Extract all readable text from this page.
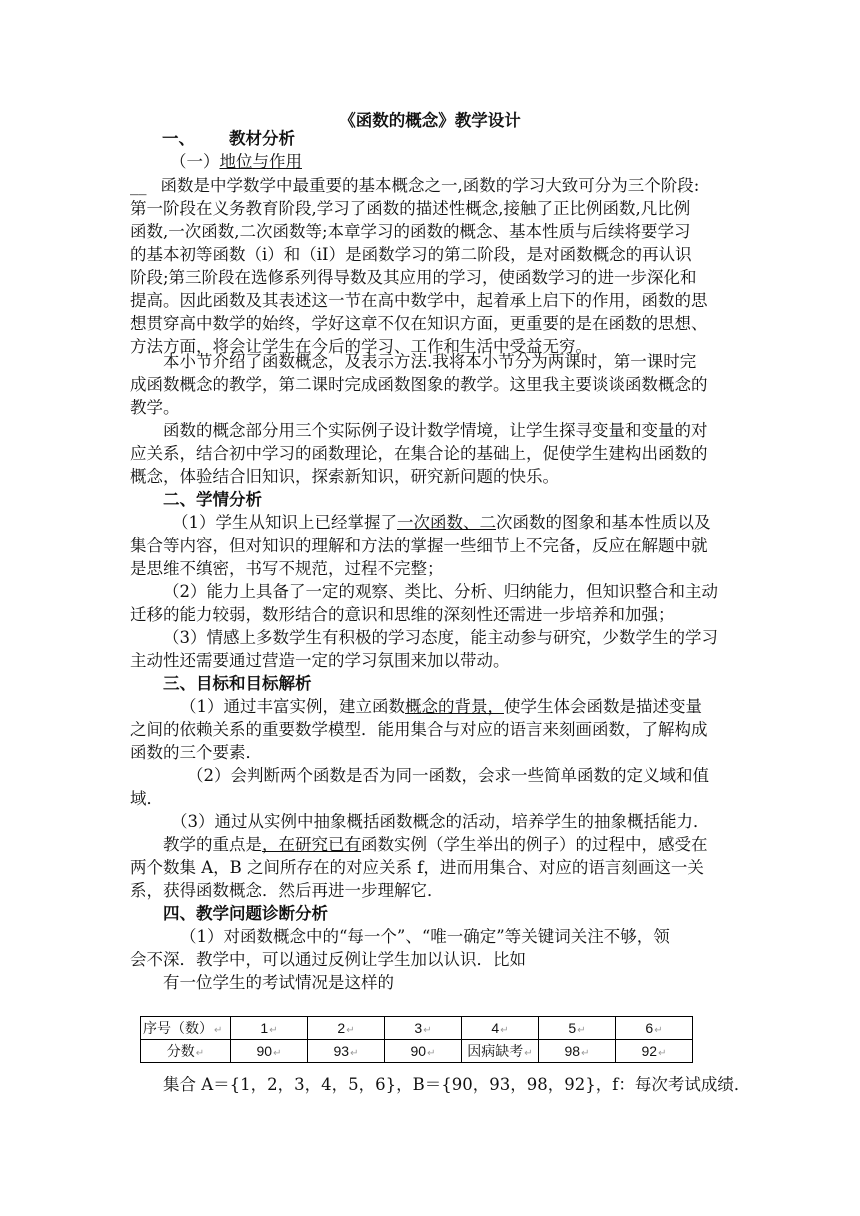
《函数的概念》教学设计
一、 教材分析
（一）地位与作用
__ 函数是中学数学中最重要的基本概念之一,函数的学习大致可分为三个阶段:
第一阶段在义务教育阶段,学习了函数的描述性概念,接触了正比例函数,凡比例
函数,一次函数,二次函数等;本章学习的函数的概念、基本性质与后续将要学习
的基本初等函数（i）和（iI）是函数学习的第二阶段，是对函数概念的再认识
阶段;第三阶段在选修系列得导数及其应用的学习，使函数学习的进一步深化和
提高。因此函数及其表述这一节在高中数学中，起着承上启下的作用，函数的思
想贯穿高中数学的始终，学好这章不仅在知识方面，更重要的是在函数的思想、
方法方面，将会让学生在今后的学习、工作和生活中受益无穷。
本小节介绍了函数概念，及表示方法.我将本小节分为两课时，第一课时完
成函数概念的教学，第二课时完成函数图象的教学。这里我主要谈谈函数概念的
教学。
函数的概念部分用三个实际例子设计数学情境，让学生探寻变量和变量的对
应关系，结合初中学习的函数理论，在集合论的基础上，促使学生建构出函数的
概念，体验结合旧知识，探索新知识，研究新问题的快乐。
二、学情分析
（1）学生从知识上已经掌握了一次函数、二次函数的图象和基本性质以及
集合等内容，但对知识的理解和方法的掌握一些细节上不完备，反应在解题中就
是思维不缜密，书写不规范，过程不完整；
（2）能力上具备了一定的观察、类比、分析、归纳能力，但知识整合和主动
迁移的能力较弱，数形结合的意识和思维的深刻性还需进一步培养和加强；
（3）情感上多数学生有积极的学习态度，能主动参与研究，少数学生的学习
主动性还需要通过营造一定的学习氛围来加以带动。
三、目标和目标解析
（1）通过丰富实例，建立函数概念的背景，使学生体会函数是描述变量
之间的依赖关系的重要数学模型．能用集合与对应的语言来刻画函数，了解构成
函数的三个要素．
（2）会判断两个函数是否为同一函数，会求一些简单函数的定义域和值
域．
（3）通过从实例中抽象概括函数概念的活动，培养学生的抽象概括能力．
教学的重点是，在研究已有函数实例（学生举出的例子）的过程中，感受在
两个数集 A，B 之间所存在的对应关系 f，进而用集合、对应的语言刻画这一关
系，获得函数概念．然后再进一步理解它．
四、教学问题诊断分析
（1）对函数概念中的“每一个”、“唯一确定”等关键词关注不够，领
会不深．教学中，可以通过反例让学生加以认识．比如
有一位学生的考试情况是这样的
序号（数）↵	1↵	2↵	3↵	4↵	5↵	6↵
分数↵	90↵	93↵	90↵	因病缺考↵	98↵	92↵
集合 A＝{1，2，3，4，5，6}，B＝{90，93，98，92}，f：每次考试成绩．
